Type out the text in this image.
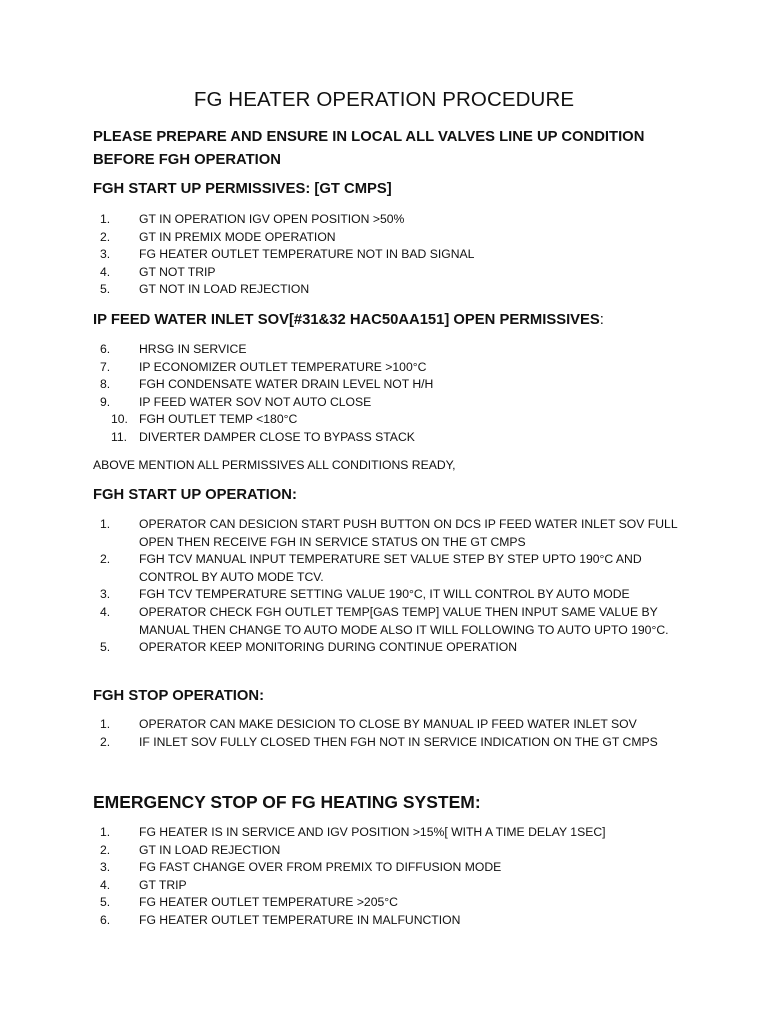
FG HEATER OPERATION PROCEDURE
PLEASE PREPARE AND ENSURE IN LOCAL ALL VALVES LINE UP CONDITION BEFORE FGH OPERATION
FGH START UP PERMISSIVES: [GT CMPS]
1.	GT IN OPERATION IGV OPEN POSITION >50%
2.	GT IN PREMIX MODE OPERATION
3.	FG HEATER OUTLET TEMPERATURE NOT IN BAD SIGNAL
4.	GT NOT TRIP
5.	GT NOT IN LOAD REJECTION
IP FEED WATER INLET SOV[#31&32 HAC50AA151] OPEN PERMISSIVES:
6.	HRSG IN SERVICE
7.	IP ECONOMIZER OUTLET TEMPERATURE >100°C
8.	FGH CONDENSATE WATER DRAIN LEVEL NOT H/H
9.	IP FEED WATER SOV NOT AUTO CLOSE
10. FGH OUTLET TEMP <180°C
11. DIVERTER DAMPER CLOSE TO BYPASS STACK
ABOVE MENTION ALL PERMISSIVES ALL CONDITIONS READY,
FGH START UP OPERATION:
1.	OPERATOR CAN DESICION START PUSH BUTTON ON DCS IP FEED WATER INLET SOV FULL
OPEN THEN RECEIVE FGH IN SERVICE STATUS ON THE GT CMPS
2.	FGH TCV MANUAL INPUT TEMPERATURE SET VALUE STEP BY STEP UPTO 190°C AND
CONTROL BY AUTO MODE TCV.
3.	FGH TCV TEMPERATURE SETTING VALUE 190°C, IT WILL CONTROL BY AUTO MODE
4.	OPERATOR CHECK FGH OUTLET TEMP[GAS TEMP] VALUE THEN INPUT SAME VALUE BY
MANUAL THEN CHANGE TO AUTO MODE ALSO IT WILL FOLLOWING TO AUTO UPTO 190°C.
5.	OPERATOR KEEP MONITORING DURING CONTINUE OPERATION
FGH STOP OPERATION:
1.	OPERATOR CAN MAKE DESICION TO CLOSE BY MANUAL IP FEED WATER INLET SOV
2.	IF INLET SOV FULLY CLOSED THEN FGH NOT IN SERVICE INDICATION ON THE GT CMPS
EMERGENCY STOP OF FG HEATING SYSTEM:
1.	FG HEATER IS IN SERVICE AND IGV POSITION >15%[ WITH A TIME DELAY 1SEC]
2.	GT IN LOAD REJECTION
3.	FG FAST CHANGE OVER FROM PREMIX TO DIFFUSION MODE
4.	GT TRIP
5.	FG HEATER OUTLET TEMPERATURE >205°C
6.	FG HEATER OUTLET TEMPERATURE IN MALFUNCTION
